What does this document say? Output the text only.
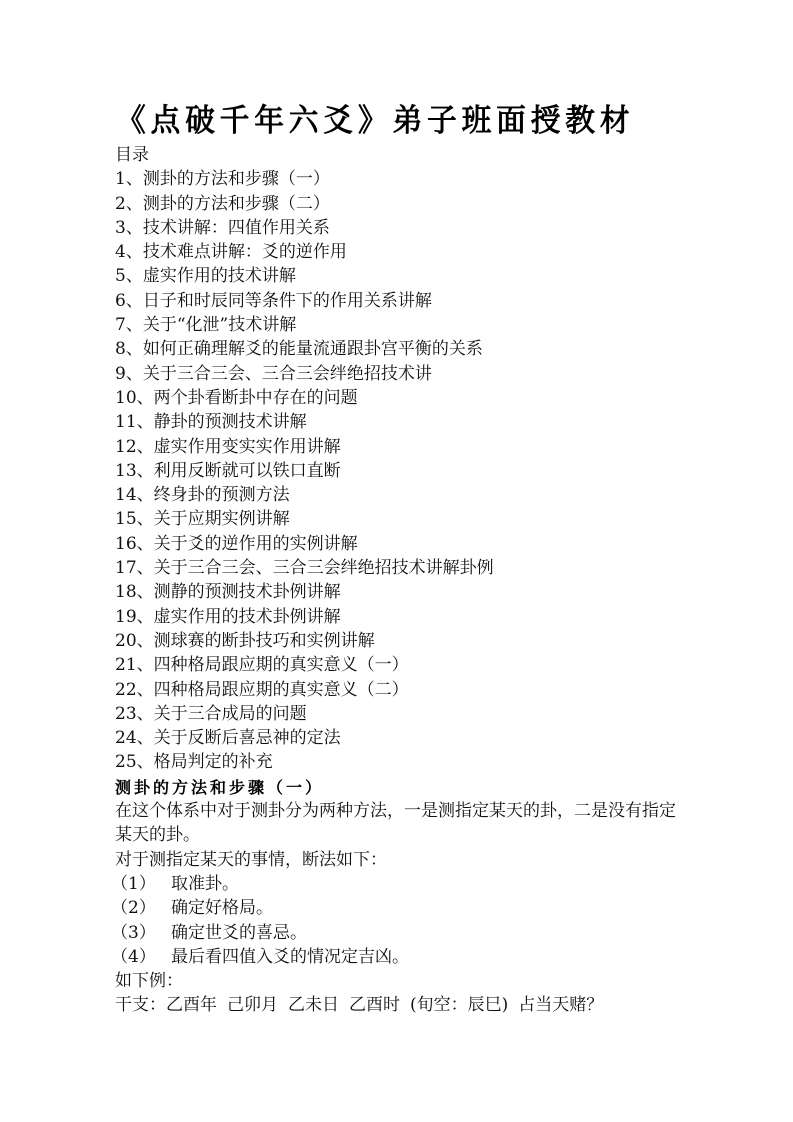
《点破千年六爻》弟子班面授教材
目录
1、测卦的方法和步骤（一）
2、测卦的方法和步骤（二）
3、技术讲解：四值作用关系
4、技术难点讲解：爻的逆作用
5、虚实作用的技术讲解
6、日子和时辰同等条件下的作用关系讲解
7、关于“化泄”技术讲解
8、如何正确理解爻的能量流通跟卦宫平衡的关系
9、关于三合三会、三合三会绊绝招技术讲
10、两个卦看断卦中存在的问题
11、静卦的预测技术讲解
12、虚实作用变实实作用讲解
13、利用反断就可以铁口直断
14、终身卦的预测方法
15、关于应期实例讲解
16、关于爻的逆作用的实例讲解
17、关于三合三会、三合三会绊绝招技术讲解卦例
18、测静的预测技术卦例讲解
19、虚实作用的技术卦例讲解
20、测球赛的断卦技巧和实例讲解
21、四种格局跟应期的真实意义（一）
22、四种格局跟应期的真实意义（二）
23、关于三合成局的问题
24、关于反断后喜忌神的定法
25、格局判定的补充
测卦的方法和步骤（一）
在这个体系中对于测卦分为两种方法，一是测指定某天的卦，二是没有指定某天的卦。
对于测指定某天的事情，断法如下：
（1） 取准卦。
（2） 确定好格局。
（3） 确定世爻的喜忌。
（4） 最后看四值入爻的情况定吉凶。
如下例：
干支：乙酉年 己卯月 乙未日 乙酉时 (旬空：辰巳) 占当天赌？
